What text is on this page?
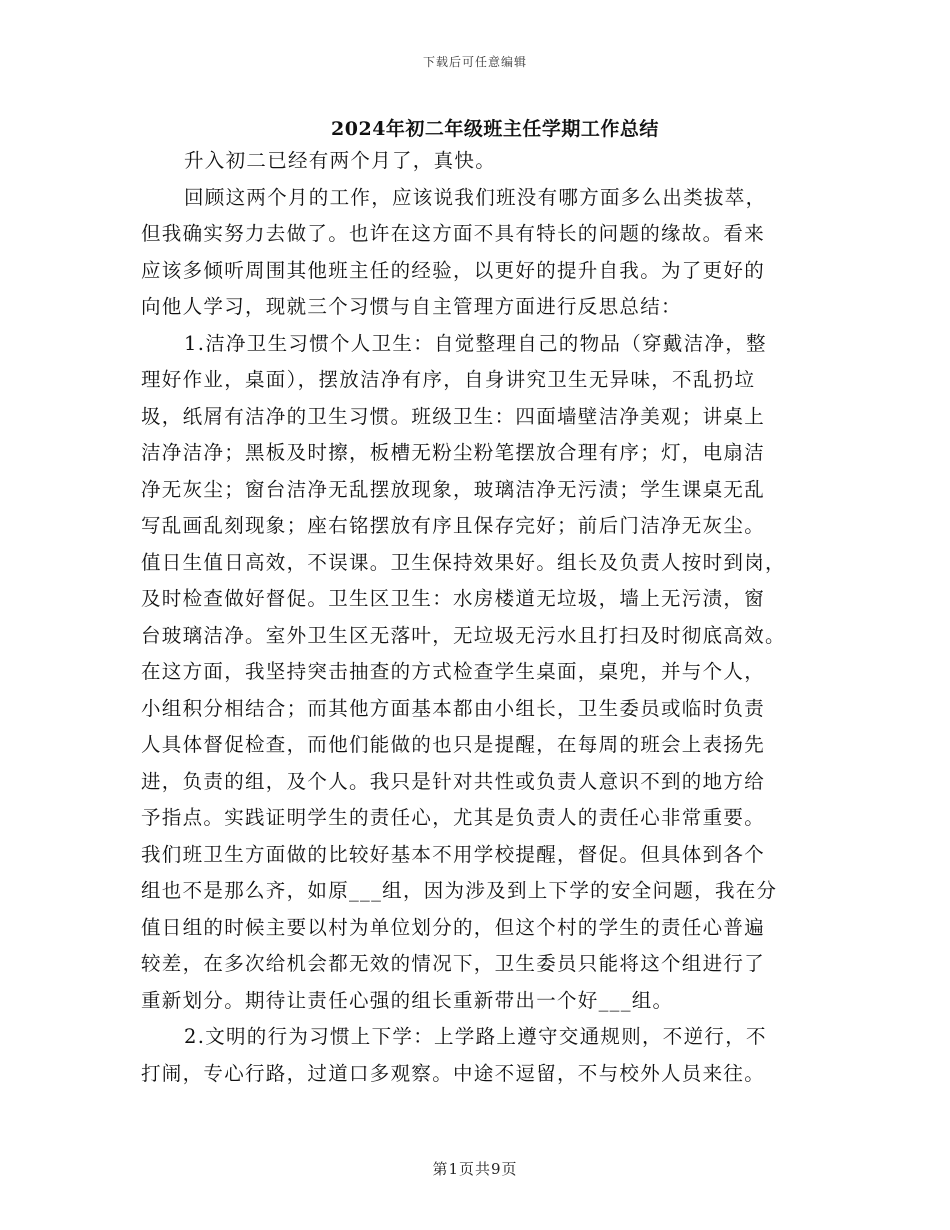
下载后可任意编辑
2024年初二年级班主任学期工作总结
升入初二已经有两个月了，真快。
回顾这两个月的工作，应该说我们班没有哪方面多么出类拔萃，
但我确实努力去做了。也许在这方面不具有特长的问题的缘故。看来
应该多倾听周围其他班主任的经验，以更好的提升自我。为了更好的
向他人学习，现就三个习惯与自主管理方面进行反思总结：
1.洁净卫生习惯个人卫生：自觉整理自己的物品（穿戴洁净，整
理好作业，桌面），摆放洁净有序，自身讲究卫生无异味，不乱扔垃
圾，纸屑有洁净的卫生习惯。班级卫生：四面墙壁洁净美观；讲桌上
洁净洁净；黑板及时擦，板槽无粉尘粉笔摆放合理有序；灯，电扇洁
净无灰尘；窗台洁净无乱摆放现象，玻璃洁净无污渍；学生课桌无乱
写乱画乱刻现象；座右铭摆放有序且保存完好；前后门洁净无灰尘。
值日生值日高效，不误课。卫生保持效果好。组长及负责人按时到岗，
及时检查做好督促。卫生区卫生：水房楼道无垃圾，墙上无污渍，窗
台玻璃洁净。室外卫生区无落叶，无垃圾无污水且打扫及时彻底高效。
在这方面，我坚持突击抽查的方式检查学生桌面，桌兜，并与个人，
小组积分相结合；而其他方面基本都由小组长，卫生委员或临时负责
人具体督促检查，而他们能做的也只是提醒，在每周的班会上表扬先
进，负责的组，及个人。我只是针对共性或负责人意识不到的地方给
予指点。实践证明学生的责任心，尤其是负责人的责任心非常重要。
我们班卫生方面做的比较好基本不用学校提醒，督促。但具体到各个
组也不是那么齐，如原___组，因为涉及到上下学的安全问题，我在分
值日组的时候主要以村为单位划分的，但这个村的学生的责任心普遍
较差，在多次给机会都无效的情况下，卫生委员只能将这个组进行了
重新划分。期待让责任心强的组长重新带出一个好___组。
2.文明的行为习惯上下学：上学路上遵守交通规则，不逆行，不
打闹，专心行路，过道口多观察。中途不逗留，不与校外人员来往。
第1页共9页
